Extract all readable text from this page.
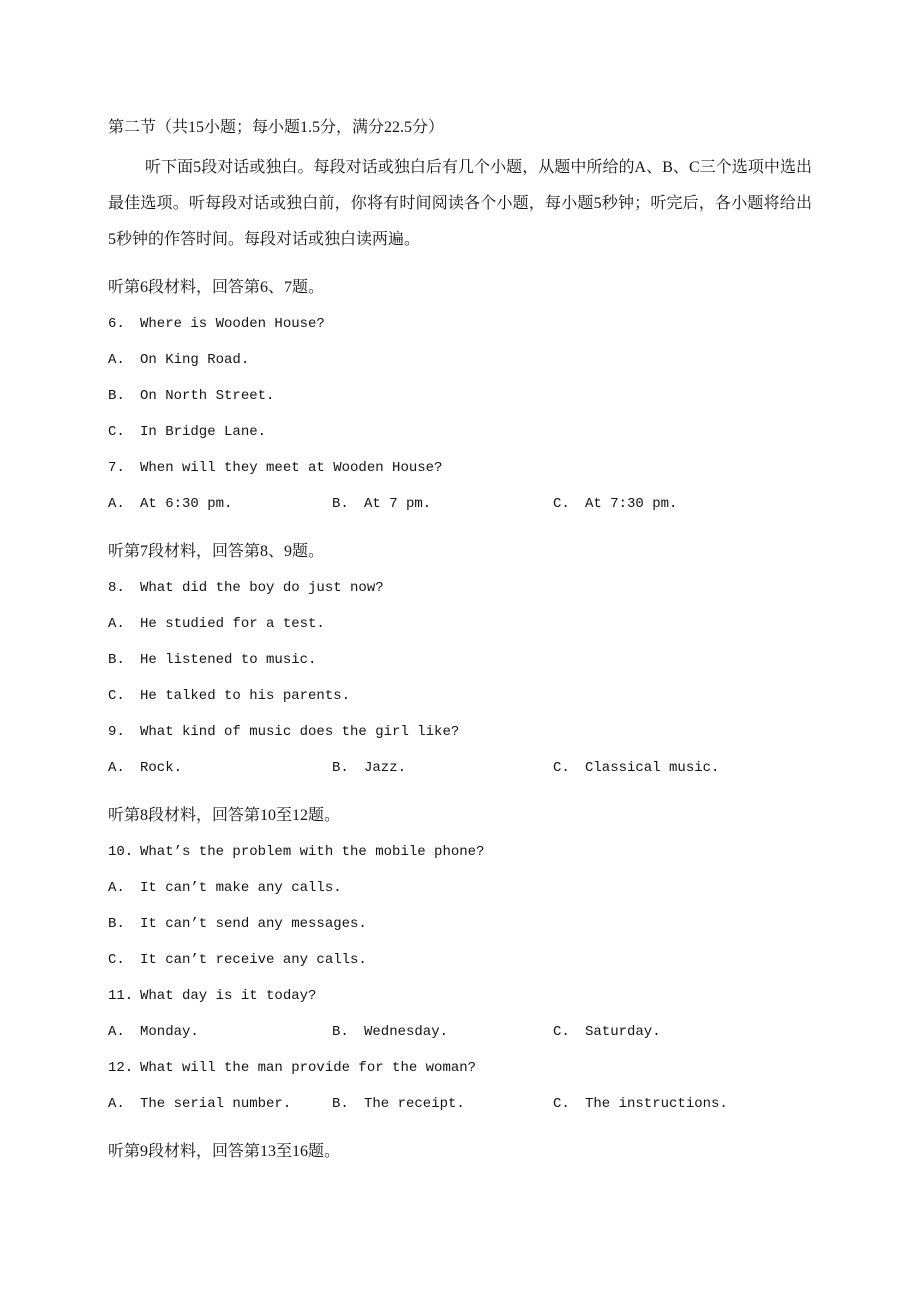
第二节（共15小题；每小题1.5分，满分22.5分）
听下面5段对话或独白。每段对话或独白后有几个小题，从题中所给的A、B、C三个选项中选出
最佳选项。听每段对话或独白前，你将有时间阅读各个小题，每小题5秒钟；听完后，各小题将给出
5秒钟的作答时间。每段对话或独白读两遍。
听第6段材料，回答第6、7题。
6. Where is Wooden House?
A. On King Road.
B. On North Street.
C. In Bridge Lane.
7. When will they meet at Wooden House?
A. At 6:30 pm.	B. At 7 pm.	C. At 7:30 pm.
听第7段材料，回答第8、9题。
8. What did the boy do just now?
A. He studied for a test.
B. He listened to music.
C. He talked to his parents.
9. What kind of music does the girl like?
A. Rock.	B. Jazz.	C. Classical music.
听第8段材料，回答第10至12题。
10. What’s the problem with the mobile phone?
A. It can’t make any calls.
B. It can’t send any messages.
C. It can’t receive any calls.
11. What day is it today?
A. Monday.	B. Wednesday.	C. Saturday.
12. What will the man provide for the woman?
A. The serial number.	B. The receipt.	C. The instructions.
听第9段材料，回答第13至16题。
